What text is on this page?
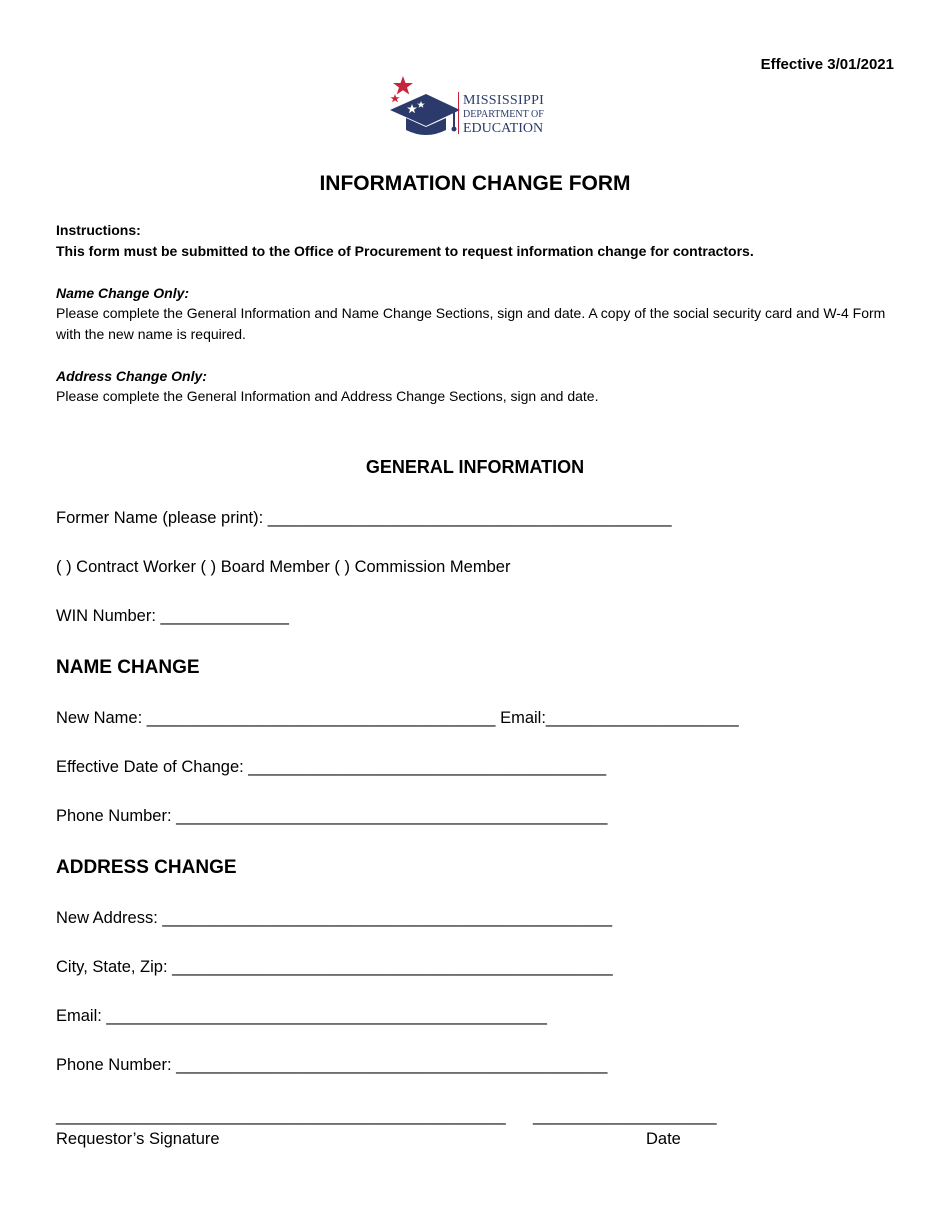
Effective 3/01/2021
MISSISSIPPI
DEPARTMENT OF
EDUCATION
INFORMATION CHANGE FORM
Instructions:
This form must be submitted to the Office of Procurement to request information change for contractors.
Name Change Only:
Please complete the General Information and Name Change Sections, sign and date. A copy of the social security card and W-4 Form with the new name is required.
Address Change Only:
Please complete the General Information and Address Change Sections, sign and date.
GENERAL INFORMATION
Former Name (please print): ____________________________________________
( ) Contract Worker ( ) Board Member ( ) Commission Member
WIN Number: ______________
NAME CHANGE
New Name: ______________________________________ Email:_____________________
Effective Date of Change: _______________________________________
Phone Number: _______________________________________________
ADDRESS CHANGE
New Address: _________________________________________________
City, State, Zip: ________________________________________________
Email: ________________________________________________
Phone Number: _______________________________________________
_________________________________________________ ____________________
Requestor’s Signature	Date
